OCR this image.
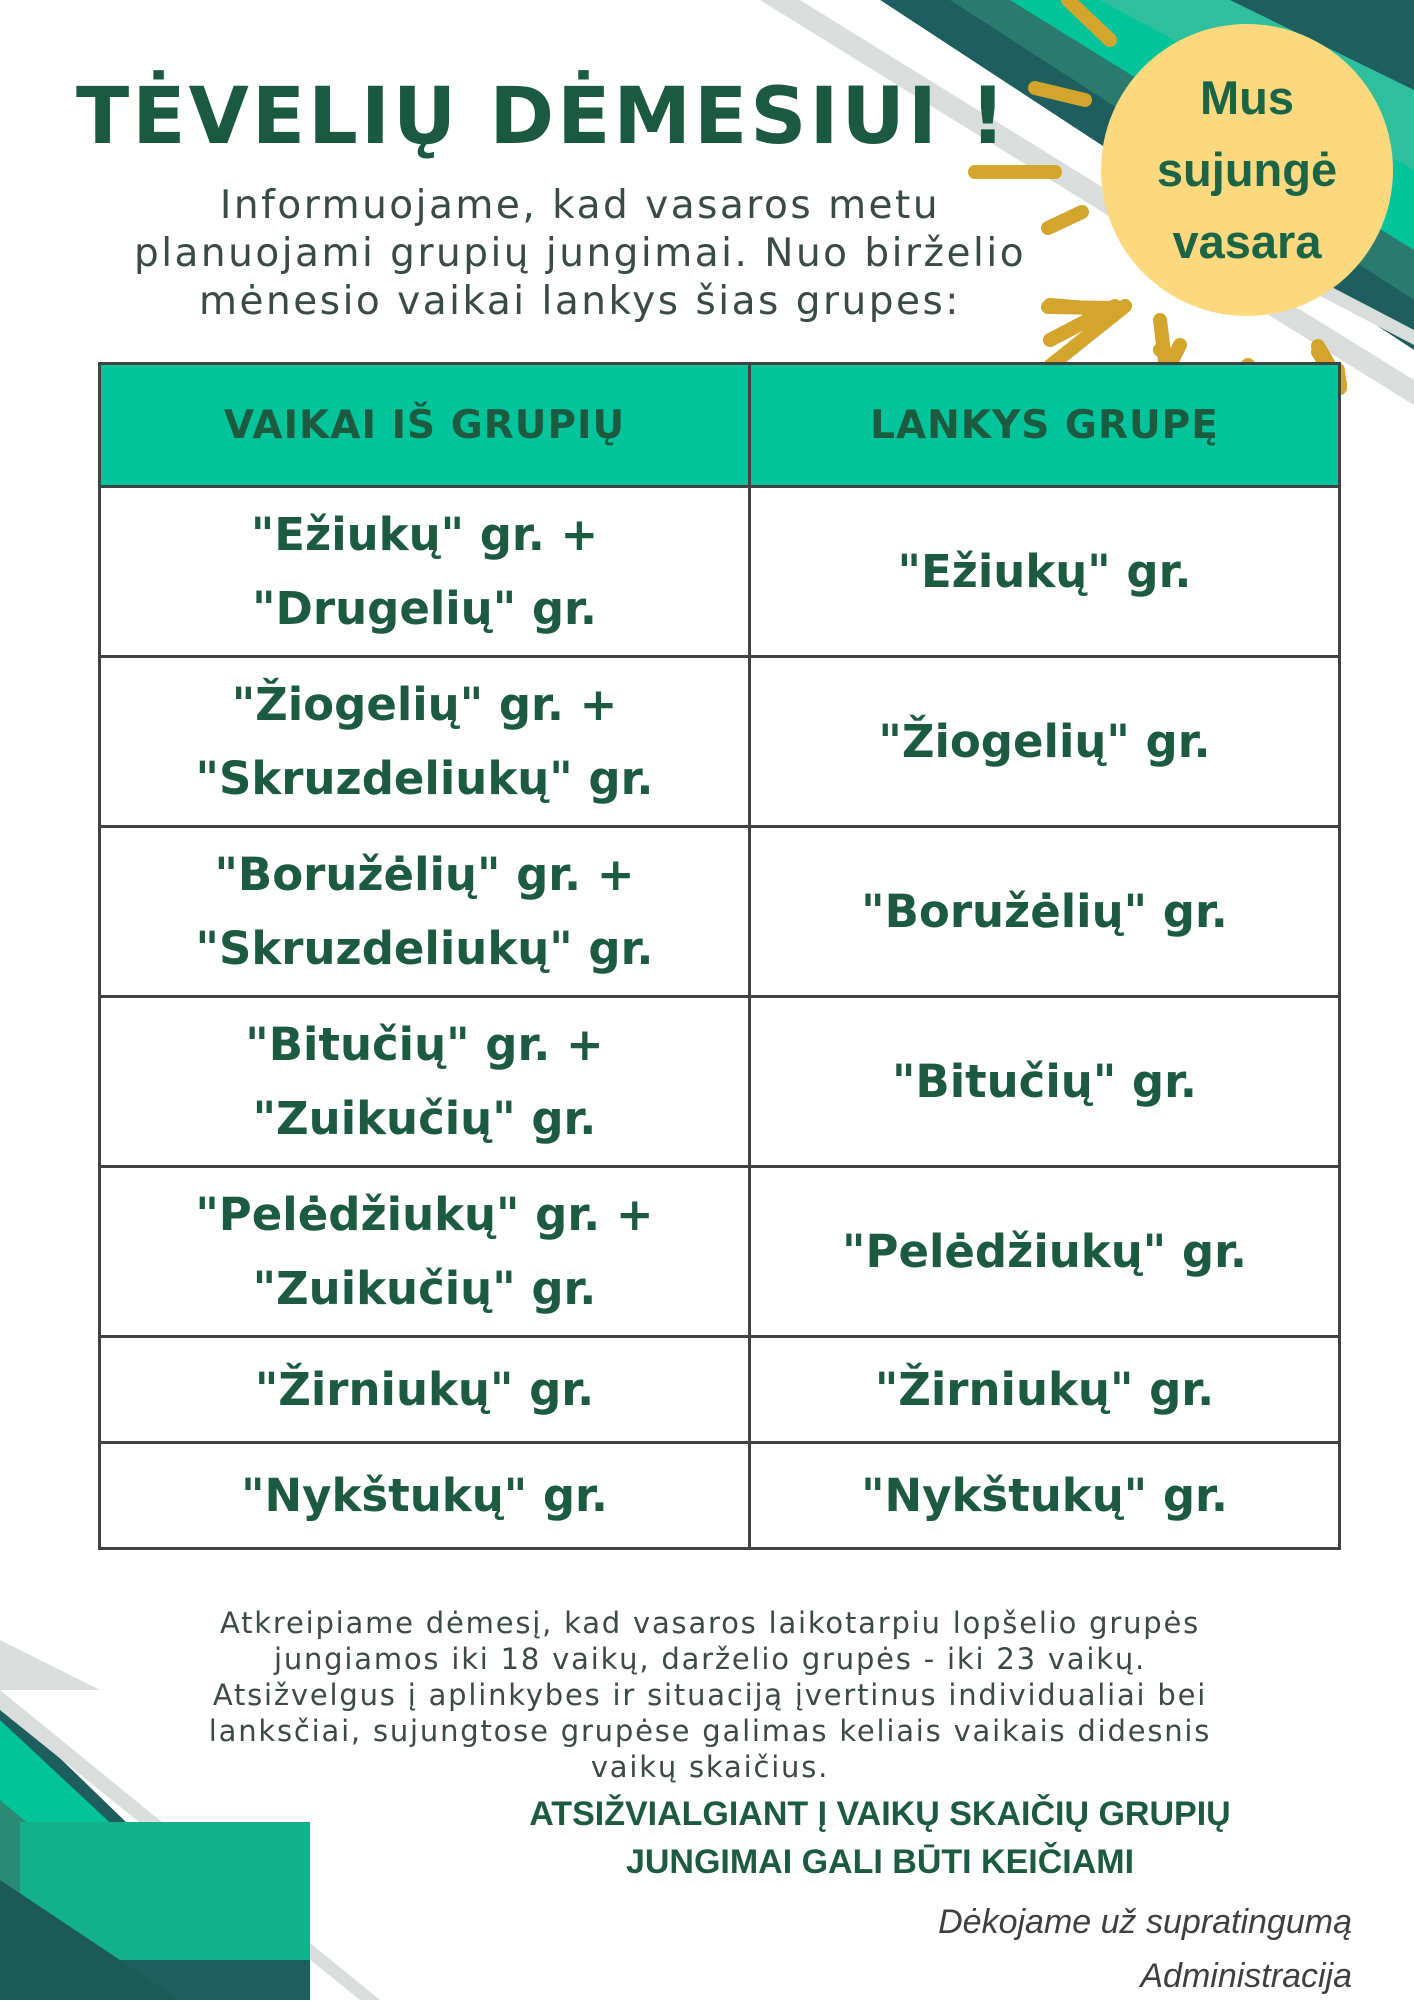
TĖVELIŲ DĖMESIUI !
Informuojame, kad vasaros metu
planuojami grupių jungimai. Nuo birželio
mėnesio vaikai lankys šias grupes:
Mus
sujungė
vasara
VAIKAI IŠ GRUPIŲ	LANKYS GRUPĘ

"Ežiukų" gr. +
"Drugelių" gr.	"Ežiukų" gr.

"Žiogelių" gr. +
"Skruzdeliukų" gr.	"Žiogelių" gr.

"Boružėlių" gr. +
"Skruzdeliukų" gr.	"Boružėlių" gr.

"Bitučių" gr. +
"Zuikučių" gr.	"Bitučių" gr.

"Pelėdžiukų" gr. +
"Zuikučių" gr.	"Pelėdžiukų" gr.

"Žirniukų" gr.	"Žirniukų" gr.

"Nykštukų" gr.	"Nykštukų" gr.
Atkreipiame dėmesį, kad vasaros laikotarpiu lopšelio grupės
jungiamos iki 18 vaikų, darželio grupės - iki 23 vaikų.
Atsižvelgus į aplinkybes ir situaciją įvertinus individualiai bei
lanksčiai, sujungtose grupėse galimas keliais vaikais didesnis
vaikų skaičius.
ATSIŽVIALGIANT Į VAIKŲ SKAIČIŲ GRUPIŲ
JUNGIMAI GALI BŪTI KEIČIAMI
Dėkojame už supratingumą
Administracija
